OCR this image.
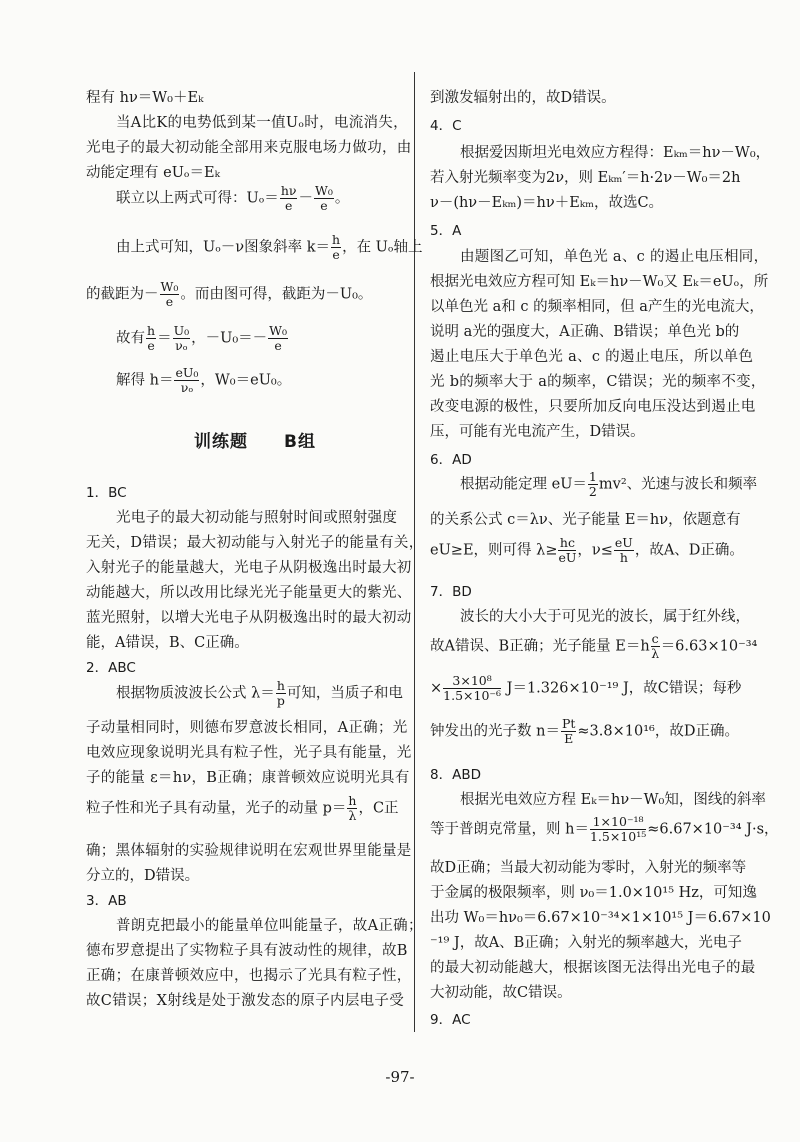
程有 hν＝W₀＋Eₖ
当A比K的电势低到某一值Uₒ时，电流消失，
光电子的最大初动能全部用来克服电场力做功，由
动能定理有 eUₒ＝Eₖ
联立以上两式可得：$U_o= \frac{h\nu}{e} - \frac{\text{W₀}}{e}$ 。
由上式可知，Uₒ－ν图象斜率 $k= \frac{h}{e}$ ，在 Uₒ轴上
的截距为－ $\frac{\text{W₀}}{e}$ 。而由图可得，截距为－U₀。
故有 $\frac{h}{e} = \frac{\text{U₀}}{\text{νₒ}}$ ，$-U_0=- \frac{\text{W₀}}{e}$
解得 $h= \frac{\text{eU₀}}{\text{νₒ}}$ ，W₀＝eU₀。
训练题　　B组
1．BC
光电子的最大初动能与照射时间或照射强度
无关，D错误；最大初动能与入射光子的能量有关，
入射光子的能量越大，光电子从阴极逸出时最大初
动能越大，所以改用比绿光光子能量更大的紫光、
蓝光照射，以增大光电子从阴极逸出时的最大初动
能，A错误，B、C正确。
2．ABC
根据物质波波长公式 $\lambda= \frac{h}{p}$ 可知，当质子和电
子动量相同时，则德布罗意波长相同，A正确；光
电效应现象说明光具有粒子性，光子具有能量，光
子的能量 ε＝hν，B正确；康普顿效应说明光具有
粒子性和光子具有动量，光子的动量 $p= \frac{h}{\lambda}$ ，C正
确；黑体辐射的实验规律说明在宏观世界里能量是
分立的，D错误。
3．AB
普朗克把最小的能量单位叫能量子，故A正确；
德布罗意提出了实物粒子具有波动性的规律，故B
正确；在康普顿效应中，也揭示了光具有粒子性，
故C错误；X射线是处于激发态的原子内层电子受
到激发辐射出的，故D错误。
4．C
根据爱因斯坦光电效应方程得：Eₖₘ＝hν－W₀，
若入射光频率变为2ν，则 Eₖₘ′＝h·2ν－W₀＝2h
ν－(hν－Eₖₘ)＝hν＋Eₖₘ，故选C。
5．A
由题图乙可知，单色光 a、c 的遏止电压相同，
根据光电效应方程可知 Eₖ＝hν－W₀又 Eₖ＝eUₒ，所
以单色光 a和 c 的频率相同，但 a产生的光电流大，
说明 a光的强度大，A正确、B错误；单色光 b的
遏止电压大于单色光 a、c 的遏止电压，所以单色
光 b的频率大于 a的频率，C错误；光的频率不变，
改变电源的极性，只要所加反向电压没达到遏止电
压，可能有光电流产生，D错误。
6．AD
根据动能定理 $eU= \frac{1}{2} mv^2$、光速与波长和频率
的关系公式 c＝λν、光子能量 E＝hν，依题意有
eU≥E，则可得 $\lambda\ge \frac{hc}{eU}$ ，$\nu\le \frac{eU}{h}$ ，故A、D正确。
7．BD
波长的大小大于可见光的波长，属于红外线，
故A错误、B正确；光子能量 $E=h \frac{c}{\lambda} =6.63\times 10^{-34}$
× $\frac{\text{3×10⁸}}{\text{1.5×10⁻⁶}} J=1.326\times 10^{-19}$ J，故C错误；每秒
钟发出的光子数 $n= \frac{Pt}{E} \approx 3.8\times 10^{16}$，故D正确。
8．ABD
根据光电效应方程 Eₖ＝hν－W₀知，图线的斜率
等于普朗克常量，则 $h= \frac{\text{1×10⁻¹⁸}}{\text{1.5×10¹⁵}} \approx 6.67\times 10^{-34}$ J·s，
故D正确；当最大初动能为零时，入射光的频率等
于金属的极限频率，则 ν₀＝1.0×10¹⁵ Hz，可知逸
出功 W₀＝hν₀＝6.67×10⁻³⁴×1×10¹⁵ J＝6.67×10
⁻¹⁹ J，故A、B正确；入射光的频率越大，光电子
的最大初动能越大，根据该图无法得出光电子的最
大初动能，故C错误。
9．AC
-97-
